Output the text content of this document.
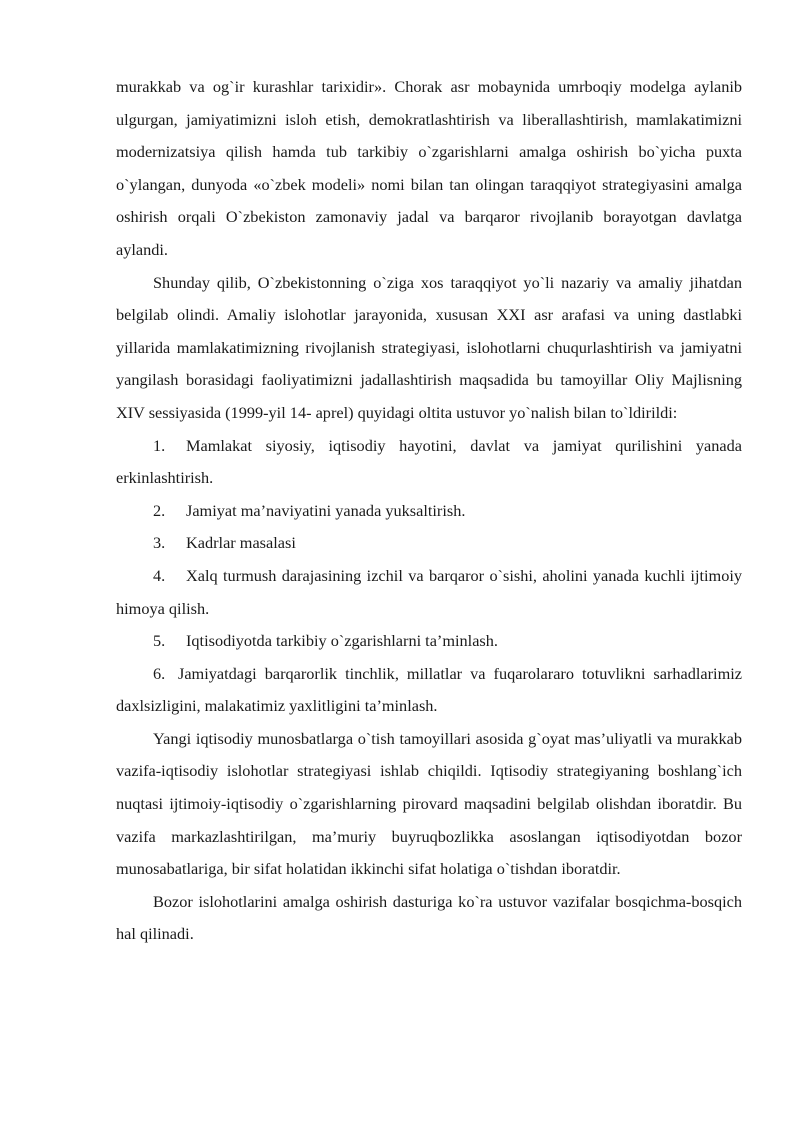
murakkab va og`ir kurashlar tarixidir». Chorak asr mobaynida umrboqiy modelga aylanib ulgurgan, jamiyatimizni isloh etish, demokratlashtirish va liberallashtirish, mamlakatimizni modernizatsiya qilish hamda tub tarkibiy o`zgarishlarni amalga oshirish bo`yicha puxta o`ylangan, dunyoda «o`zbek modeli» nomi bilan tan olingan taraqqiyot strategiyasini amalga oshirish orqali O`zbekiston zamonaviy jadal va barqaror rivojlanib borayotgan davlatga aylandi.

Shunday qilib, O`zbekistonning o`ziga xos taraqqiyot yo`li nazariy va amaliy jihatdan belgilab olindi. Amaliy islohotlar jarayonida, xususan XXI asr arafasi va uning dastlabki yillarida mamlakatimizning rivojlanish strategiyasi, islohotlarni chuqurlashtirish va jamiyatni yangilash borasidagi faoliyatimizni jadallashtirish maqsadida bu tamoyillar Oliy Majlisning XIV sessiyasida (1999-yil 14- aprel) quyidagi oltita ustuvor yo`nalish bilan to`ldirildi:

1. Mamlakat siyosiy, iqtisodiy hayotini, davlat va jamiyat qurilishini yanada erkinlashtirish.

2. Jamiyat ma’naviyatini yanada yuksaltirish.

3. Kadrlar masalasi

4. Xalq turmush darajasining izchil va barqaror o`sishi, aholini yanada kuchli ijtimoiy himoya qilish.

5. Iqtisodiyotda tarkibiy o`zgarishlarni ta’minlash.

6. Jamiyatdagi barqarorlik tinchlik, millatlar va fuqarolararo totuvlikni sarhadlarimiz daxlsizligini, malakatimiz yaxlitligini ta’minlash.

Yangi iqtisodiy munosbatlarga o`tish tamoyillari asosida g`oyat mas’uliyatli va murakkab vazifa-iqtisodiy islohotlar strategiyasi ishlab chiqildi. Iqtisodiy strategiyaning boshlang`ich nuqtasi ijtimoiy-iqtisodiy o`zgarishlarning pirovard maqsadini belgilab olishdan iboratdir. Bu vazifa markazlashtirilgan, ma’muriy buyruqbozlikka asoslangan iqtisodiyotdan bozor munosabatlariga, bir sifat holatidan ikkinchi sifat holatiga o`tishdan iboratdir.

Bozor islohotlarini amalga oshirish dasturiga ko`ra ustuvor vazifalar bosqichma-bosqich hal qilinadi.
